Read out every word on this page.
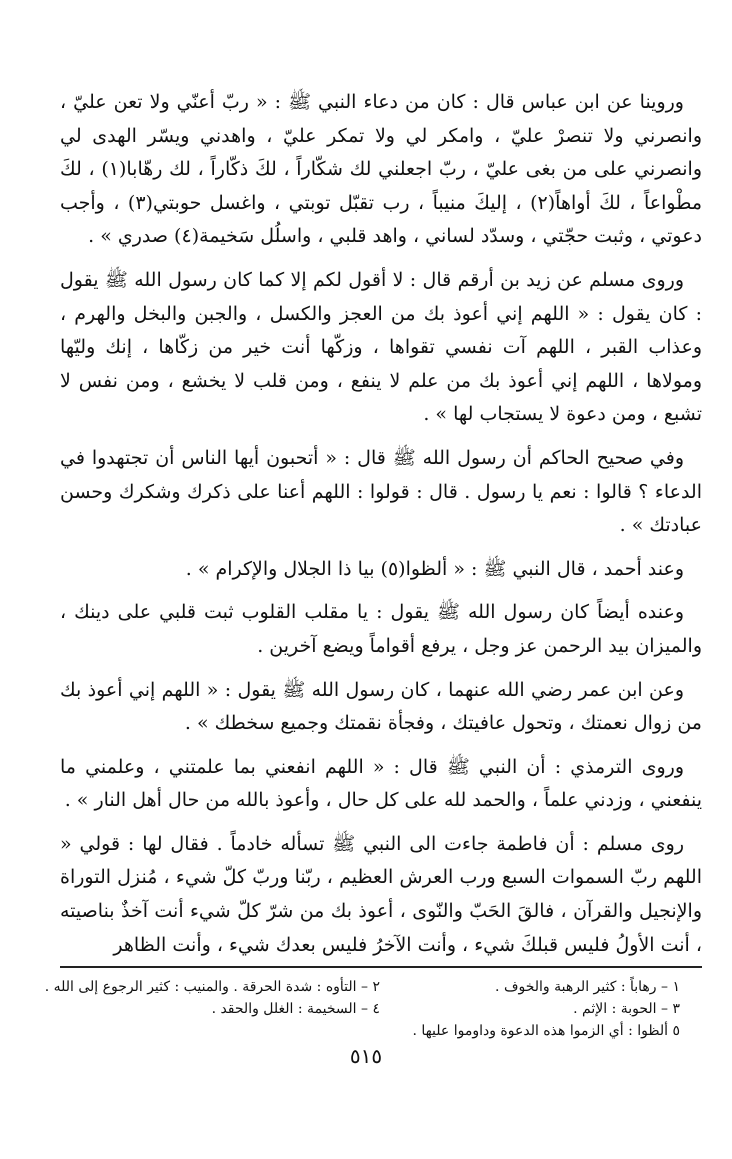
وروينا عن ابن عباس قال : كان من دعاء النبي ﷺ : « ربّ أعنّي ولا تعن عليّ ، وانصرني ولا تنصرْ عليّ ، وامكر لي ولا تمكر عليّ ، واهدني ويسّر الهدى لي وانصرني على من بغى عليّ ، ربّ اجعلني لك شكّاراً ، لكَ ذكّاراً ، لك رهّابا(١) ، لكَ مطْواعاً ، لكَ أواهاً(٢) ، إليكَ منيباً ، رب تقبّل توبتي ، واغسل حوبتي(٣) ، وأجب دعوتي ، وثبت حجّتي ، وسدّد لساني ، واهد قلبي ، واسلُل سَخيمة(٤) صدري » .

وروى مسلم عن زيد بن أرقم قال : لا أقول لكم إلا كما كان رسول الله ﷺ يقول : كان يقول : « اللهم إني أعوذ بك من العجز والكسل ، والجبن والبخل والهرم ، وعذاب القبر ، اللهم آت نفسي تقواها ، وزكّها أنت خير من زكّاها ، إنك وليّها ومولاها ، اللهم إني أعوذ بك من علم لا ينفع ، ومن قلب لا يخشع ، ومن نفس لا تشبع ، ومن دعوة لا يستجاب لها » .

وفي صحيح الحاكم أن رسول الله ﷺ قال : « أتحبون أيها الناس أن تجتهدوا في الدعاء ؟ قالوا : نعم يا رسول . قال : قولوا : اللهم أعنا على ذكرك وشكرك وحسن عبادتك » .

وعند أحمد ، قال النبي ﷺ : « ألظوا(٥) بيا ذا الجلال والإكرام » .

وعنده أيضاً كان رسول الله ﷺ يقول : يا مقلب القلوب ثبت قلبي على دينك ، والميزان بيد الرحمن عز وجل ، يرفع أقواماً ويضع آخرين .

وعن ابن عمر رضي الله عنهما ، كان رسول الله ﷺ يقول : « اللهم إني أعوذ بك من زوال نعمتك ، وتحول عافيتك ، وفجأة نقمتك وجميع سخطك » .

وروى الترمذي : أن النبي ﷺ قال : « اللهم انفعني بما علمتني ، وعلمني ما ينفعني ، وزدني علماً ، والحمد لله على كل حال ، وأعوذ بالله من حال أهل النار » .

روى مسلم : أن فاطمة جاءت الى النبي ﷺ تسأله خادماً . فقال لها : قولي « اللهم ربّ السموات السبع ورب العرش العظيم ، ربّنا وربّ كلّ شيء ، مُنزل التوراة والإنجيل والقرآن ، فالقَ الحَبّ والنّوى ، أعوذ بك من شرّ كلّ شيء أنت آخذٌ بناصيته ، أنت الأولُ فليس قبلكَ شيء ، وأنت الآخرُ فليس بعدك شيء ، وأنت الظاهر

١ – رهاباً : كثير الرهبة والخوف .
٢ – التأوه : شدة الحرقة . والمنيب : كثير الرجوع إلى الله .
٣ – الحوبة : الإثم .
٤ – السخيمة : الغلل والحقد .
٥ ألظوا : أي الزموا هذه الدعوة وداوموا عليها .
٥١٥
